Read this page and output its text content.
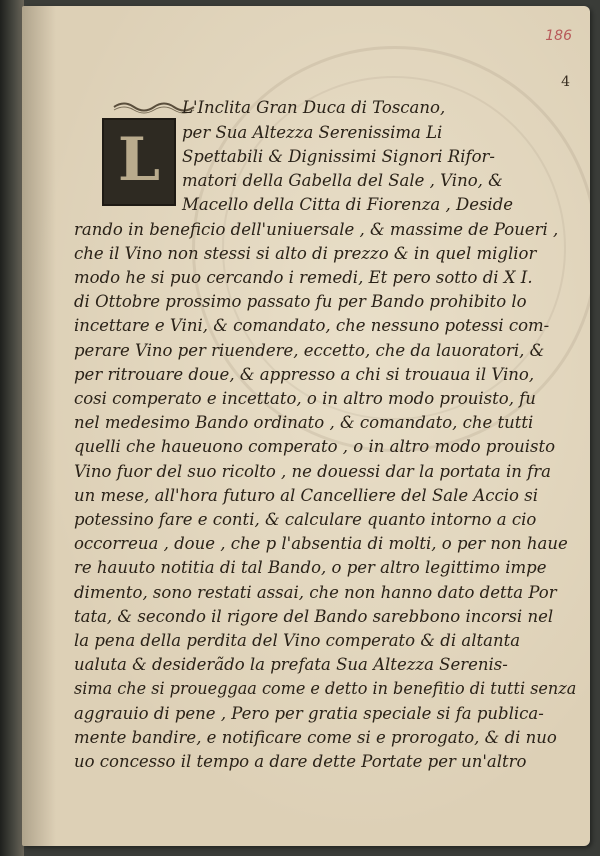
186
4
L
L'Inclita Gran Duca di Toscano,
per Sua Altezza Serenissima Li
Spettabili & Dignissimi Signori Rifor-
matori della Gabella del Sale , Vino, &
Macello della Citta di Fiorenza , Deside
rando in beneficio dell'uniuersale , & massime de Poueri ,
che il Vino non stessi si alto di prezzo & in quel miglior
modo he si puo cercando i remedi, Et pero sotto di X I.
di Ottobre prossimo passato fu per Bando prohibito lo
incettare e Vini, & comandato, che nessuno potessi com-
perare Vino per riuendere, eccetto, che da lauoratori, &
per ritrouare doue, & appresso a chi si trouaua il Vino,
cosi comperato e incettato, o in altro modo prouisto, fu
nel medesimo Bando ordinato , & comandato, che tutti
quelli che haueuono comperato , o in altro modo prouisto
Vino fuor del suo ricolto , ne douessi dar la portata in fra
un mese, all'hora futuro al Cancelliere del Sale Accio si
potessino fare e conti, & calculare quanto intorno a cio
occorreua , doue , che p l'absentia di molti, o per non haue
re hauuto notitia di tal Bando, o per altro legittimo impe
dimento, sono restati assai, che non hanno dato detta Por
tata, & secondo il rigore del Bando sarebbono incorsi nel
la pena della perdita del Vino comperato & di altanta
ualuta & desiderãdo la prefata Sua Altezza Serenis-
sima che si proueggaa come e detto in benefitio di tutti senza
aggrauio di pene , Pero per gratia speciale si fa publica-
mente bandire, e notificare come si e prorogato, & di nuo
uo concesso il tempo a dare dette Portate per un'altro
